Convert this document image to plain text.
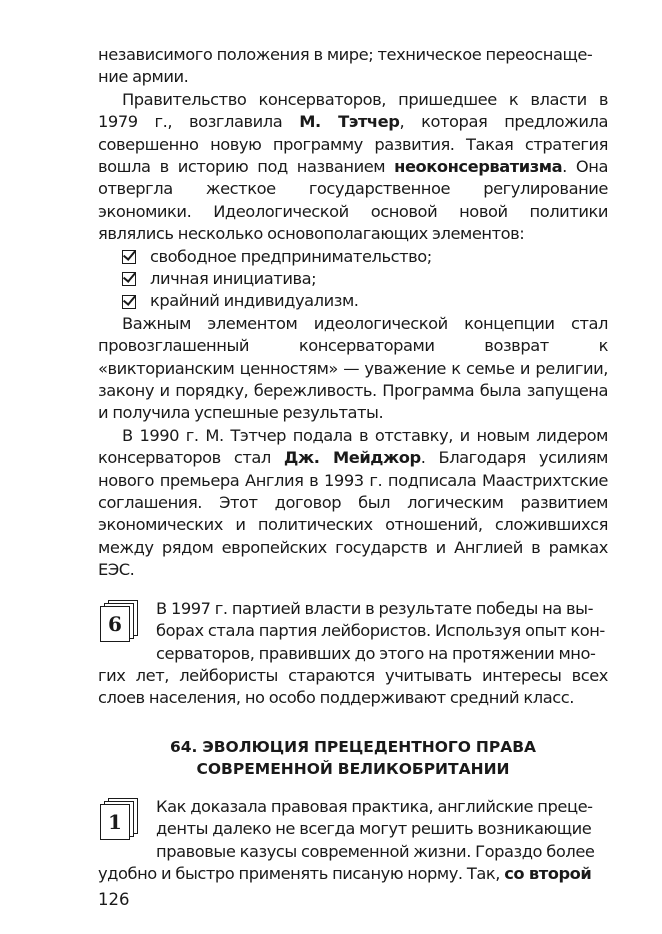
независимого положения в мире; техническое переоснаще-
ние армии.

Правительство консерваторов, пришедшее к власти в 1979 г., возглавила М. Тэтчер, которая предложила совершенно новую программу развития. Такая стратегия вошла в историю под названием неоконсерватизма. Она отвергла жесткое государственное регулирование экономики. Идеологической основой новой политики являлись несколько основополагающих элементов:

свободное предпринимательство;
личная инициатива;
крайний индивидуализм.

Важным элементом идеологической концепции стал провозглашенный консерваторами возврат к «викторианским ценностям» — уважение к семье и религии, закону и порядку, бережливость. Программа была запущена и получила успешные результаты.

В 1990 г. М. Тэтчер подала в отставку, и новым лидером консерваторов стал Дж. Мейджор. Благодаря усилиям нового премьера Англия в 1993 г. подписала Маастрихтские соглашения. Этот договор был логическим развитием экономических и политических отношений, сложившихся между рядом европейских государств и Англией в рамках ЕЭС.

6

В 1997 г. партией власти в результате победы на вы-
борах стала партия лейбористов. Используя опыт кон-
серваторов, правивших до этого на протяжении мно-
гих лет, лейбористы стараются учитывать интересы всех слоев населения, но особо поддерживают средний класс.

64. ЭВОЛЮЦИЯ ПРЕЦЕДЕНТНОГО ПРАВА
СОВРЕМЕННОЙ ВЕЛИКОБРИТАНИИ
1

Как доказала правовая практика, английские преце-
денты далеко не всегда могут решить возникающие
правовые казусы современной жизни. Гораздо более
удобно и быстро применять писаную норму. Так, со второй

126
